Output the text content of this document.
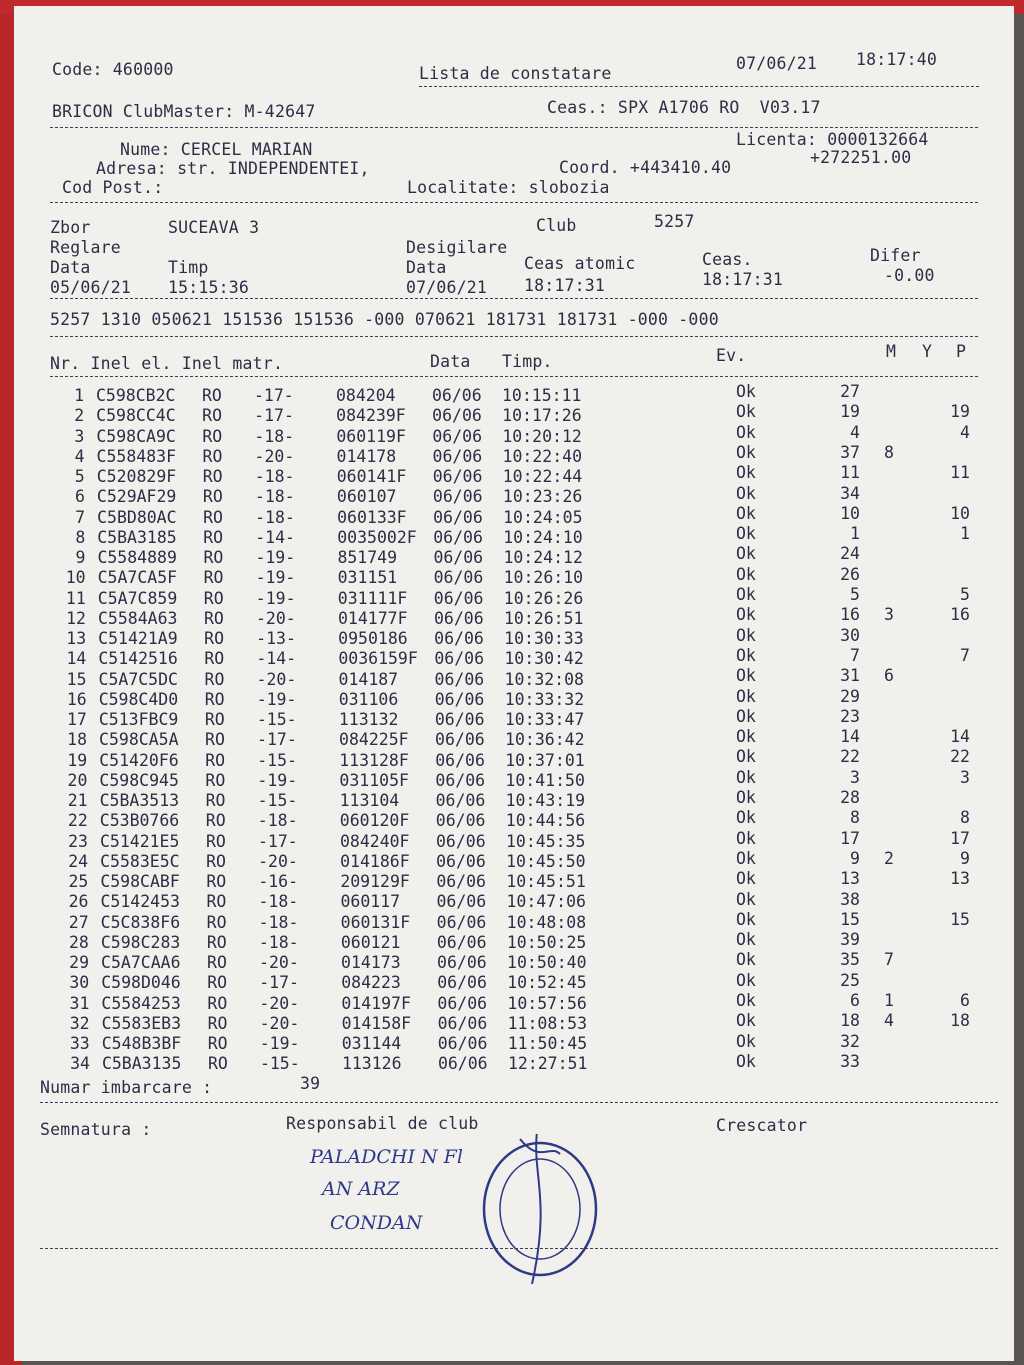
Code: 460000	Lista de constatare
07/06/21 18:17:40
BRICON ClubMaster: M-42647	Ceas.: SPX A1706 RO  V03.17
Licenta: 0000132664
Nume: CERCEL MARIAN
Adresa: str. INDEPENDENTEI,	Coord. +443410.40
+272251.00
Cod Post.:	Localitate: slobozia
Zbor	SUCEAVA 3	Club	5257
Reglare	Desigilare
Data	Timp	Data	Ceas atomic	Ceas.	Difer
05/06/21 15:15:36	07/06/21 18:17:31	18:17:31	-0.00
5257 1310 050621 151536 151536 -000 070621 181731 181731 -000 -000
Nr. Inel el. Inel matr.	Data Timp.	Ev.	M Y P
1 C598CB2C RO -17-	084204 06/06 10:15:11	Ok	27
2 C598CC4C RO -17-	084239F 06/06 10:17:26	Ok	19	19
3 C598CA9C RO -18-	060119F 06/06 10:20:12	Ok	4	4
4 C558483F RO -20-	014178 06/06 10:22:40	Ok	37 8
5 C520829F RO -18-	060141F 06/06 10:22:44	Ok	11	11
6 C529AF29 RO -18-	060107 06/06 10:23:26	Ok	34
7 C5BD80AC RO -18-	060133F 06/06 10:24:05	Ok	10	10
8 C5BA3185 RO -14-	0035002F 06/06 10:24:10	Ok	1	1
9 C5584889 RO -19-	851749 06/06 10:24:12	Ok	24
10 C5A7CA5F RO -19-	031151 06/06 10:26:10	Ok	26
11 C5A7C859 RO -19-	031111F 06/06 10:26:26	Ok	5	5
12 C5584A63 RO -20-	014177F 06/06 10:26:51	Ok	16 3	16
13 C51421A9 RO -13-	0950186 06/06 10:30:33	Ok	30
14 C5142516 RO -14-	0036159F 06/06 10:30:42	Ok	7	7
15 C5A7C5DC RO -20-	014187 06/06 10:32:08	Ok	31 6
16 C598C4D0 RO -19-	031106 06/06 10:33:32	Ok	29
17 C513FBC9 RO -15-	113132 06/06 10:33:47	Ok	23
18 C598CA5A RO -17-	084225F 06/06 10:36:42	Ok	14	14
19 C51420F6 RO -15-	113128F 06/06 10:37:01	Ok	22	22
20 C598C945 RO -19-	031105F 06/06 10:41:50	Ok	3	3
21 C5BA3513 RO -15-	113104 06/06 10:43:19	Ok	28
22 C53B0766 RO -18-	060120F 06/06 10:44:56	Ok	8	8
23 C51421E5 RO -17-	084240F 06/06 10:45:35	Ok	17	17
24 C5583E5C RO -20-	014186F 06/06 10:45:50	Ok	9 2	9
25 C598CABF RO -16-	209129F 06/06 10:45:51	Ok	13	13
26 C5142453 RO -18-	060117 06/06 10:47:06	Ok	38
27 C5C838F6 RO -18-	060131F 06/06 10:48:08	Ok	15	15
28 C598C283 RO -18-	060121 06/06 10:50:25	Ok	39
29 C5A7CAA6 RO -20-	014173 06/06 10:50:40	Ok	35 7
30 C598D046 RO -17-	084223 06/06 10:52:45	Ok	25
31 C5584253 RO -20-	014197F 06/06 10:57:56	Ok	6 1	6
32 C5583EB3 RO -20-	014158F 06/06 11:08:53	Ok	18 4	18
33 C548B3BF RO -19-	031144 06/06 11:50:45	Ok	32
34 C5BA3135 RO -15-	113126 06/06 12:27:51	Ok	33
Numar imbarcare :	39
Semnatura :	Responsabil de club	Crescator
PALADCHI N Fl
AN ARZ
CONDAN
